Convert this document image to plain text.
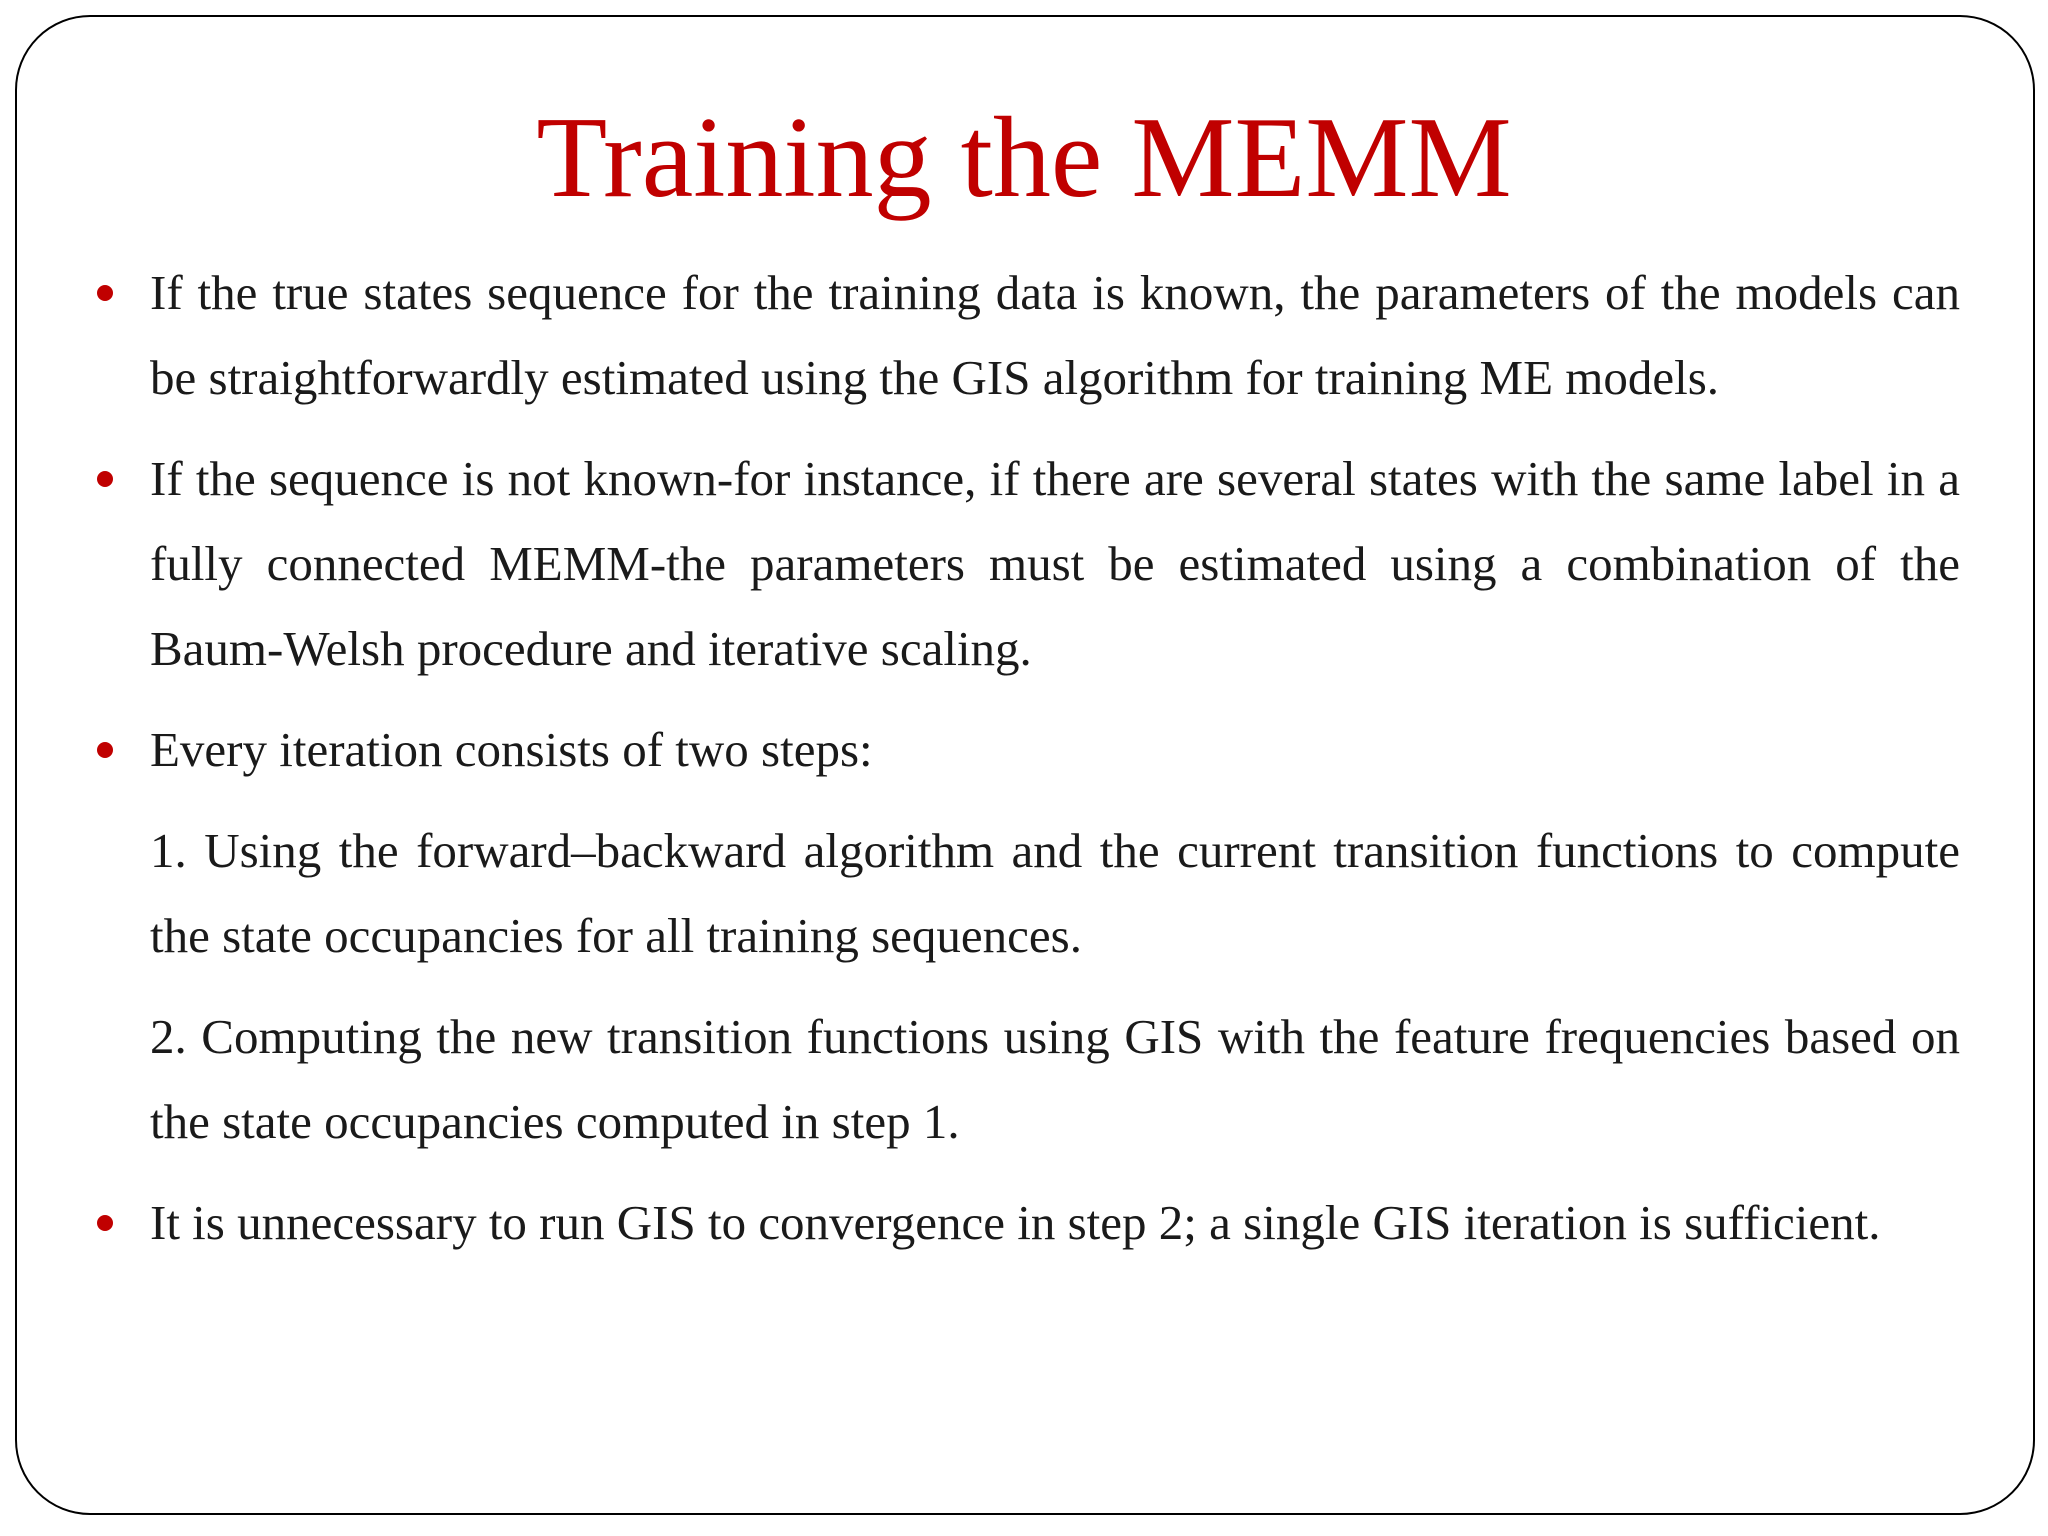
Training the MEMM

If the true states sequence for the training data is known, the parameters of the models can be straightforwardly estimated using the GIS algorithm for training ME models.

If the sequence is not known-for instance, if there are several states with the same label in a fully connected MEMM-the parameters must be estimated using a combination of the Baum-Welsh procedure and iterative scaling.

Every iteration consists of two steps:

1. Using the forward–backward algorithm and the current transition functions to compute the state occupancies for all training sequences.

2. Computing the new transition functions using GIS with the feature frequencies based on the state occupancies computed in step 1.

It is unnecessary to run GIS to convergence in step 2; a single GIS iteration is sufficient.
